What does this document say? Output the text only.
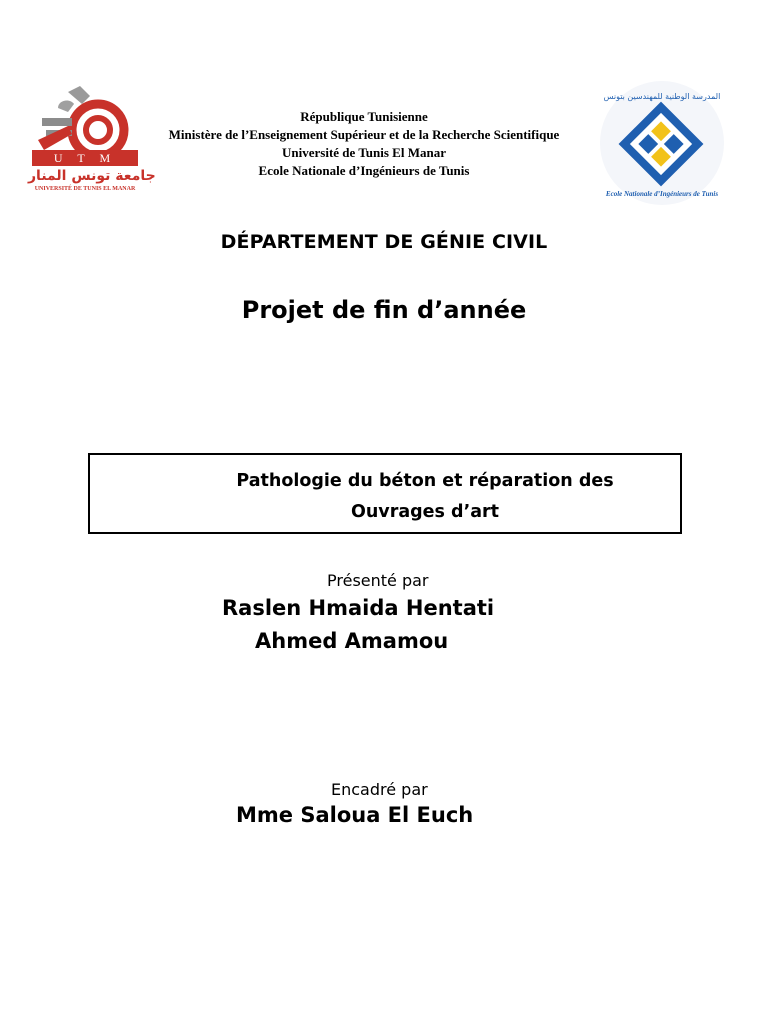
U T M
جامعة تونس المنار
UNIVERSITÉ DE TUNIS EL MANAR
République Tunisienne
Ministère de l’Enseignement Supérieur et de la Recherche Scientifique
Université de Tunis El Manar
Ecole Nationale d’Ingénieurs de Tunis
المدرسة الوطنية للمهندسين بتونس
Ecole Nationale d’Ingénieurs de Tunis
DÉPARTEMENT DE GÉNIE CIVIL
Projet de fin d’année
Pathologie du béton et réparation des
Ouvrages d’art
Présenté par
Raslen Hmaida Hentati
Ahmed Amamou
Encadré par
Mme Saloua El Euch
